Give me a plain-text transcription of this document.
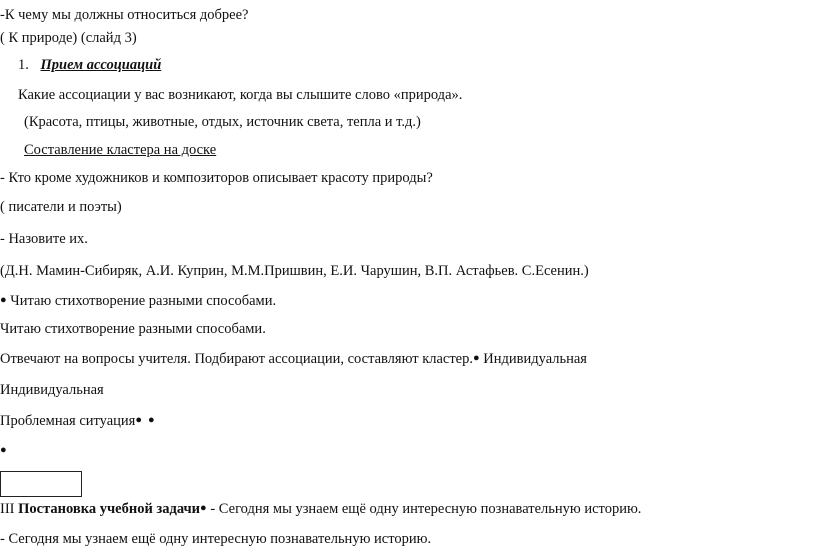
-К чему мы должны относиться добрее?
( К природе) (слайд 3)
1. Прием ассоциаций
Какие ассоциации у вас возникают, когда вы слышите слово «природа».
(Красота, птицы, животные, отдых, источник света, тепла и т.д.)
Составление кластера на доске
- Кто кроме художников и композиторов описывает красоту природы?
( писатели и поэты)
- Назовите их.
(Д.Н. Мамин-Сибиряк, А.И. Куприн, М.М.Пришвин, Е.И. Чарушин, В.П. Астафьев. С.Есенин.)
● Читаю стихотворение разными способами.
Читаю стихотворение разными способами.
Отвечают на вопросы учителя. Подбирают ассоциации, составляют кластер.● Индивидуальная
Индивидуальная
Проблемная ситуация● ●
●
III Постановка учебной задачи● - Сегодня мы узнаем ещё одну интересную познавательную историю.
- Сегодня мы узнаем ещё одну интересную познавательную историю.
